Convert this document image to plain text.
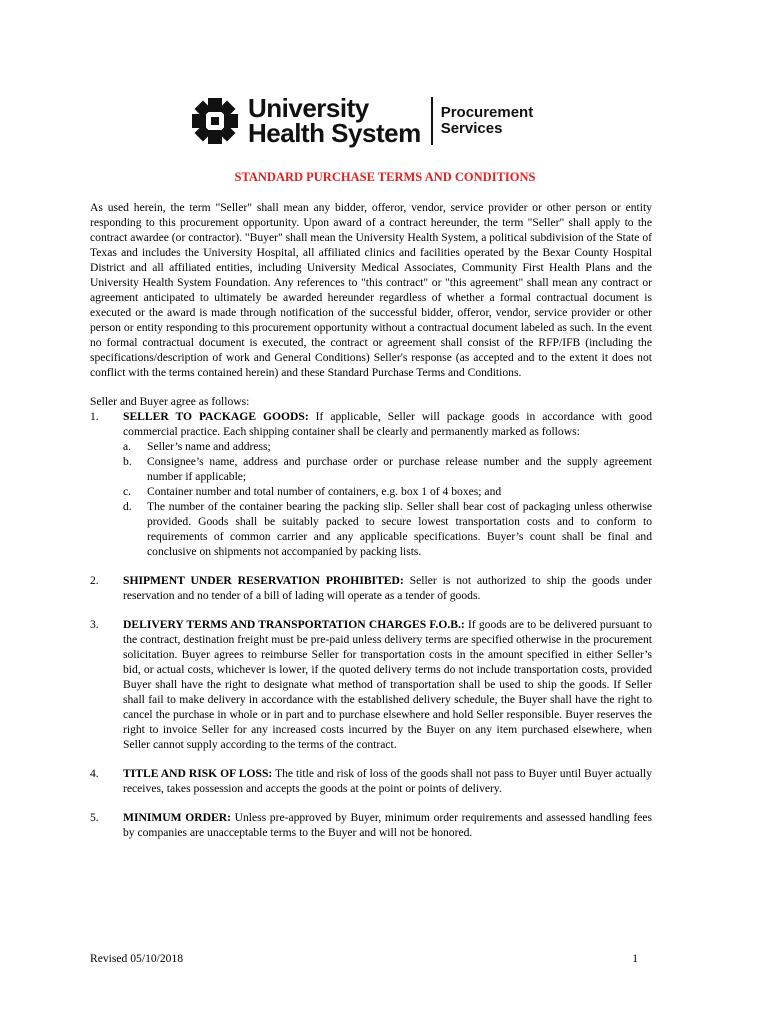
University
Health System
Procurement
Services
STANDARD PURCHASE TERMS AND CONDITIONS

As used herein, the term "Seller" shall mean any bidder, offeror, vendor, service provider or other person or entity responding to this procurement opportunity. Upon award of a contract hereunder, the term "Seller" shall apply to the contract awardee (or contractor). "Buyer" shall mean the University Health System, a political subdivision of the State of Texas and includes the University Hospital, all affiliated clinics and facilities operated by the Bexar County Hospital District and all affiliated entities, including University Medical Associates, Community First Health Plans and the University Health System Foundation. Any references to "this contract" or "this agreement" shall mean any contract or agreement anticipated to ultimately be awarded hereunder regardless of whether a formal contractual document is executed or the award is made through notification of the successful bidder, offeror, vendor, service provider or other person or entity responding to this procurement opportunity without a contractual document labeled as such. In the event no formal contractual document is executed, the contract or agreement shall consist of the RFP/IFB (including the specifications/description of work and General Conditions) Seller's response (as accepted and to the extent it does not conflict with the terms contained herein) and these Standard Purchase Terms and Conditions.

Seller and Buyer agree as follows:

1. SELLER TO PACKAGE GOODS: If applicable, Seller will package goods in accordance with good commercial practice. Each shipping container shall be clearly and permanently marked as follows:
a. Seller’s name and address;
b. Consignee’s name, address and purchase order or purchase release number and the supply agreement number if applicable;
c. Container number and total number of containers, e.g. box 1 of 4 boxes; and
d. The number of the container bearing the packing slip. Seller shall bear cost of packaging unless otherwise provided. Goods shall be suitably packed to secure lowest transportation costs and to conform to requirements of common carrier and any applicable specifications. Buyer’s count shall be final and conclusive on shipments not accompanied by packing lists.
2. SHIPMENT UNDER RESERVATION PROHIBITED: Seller is not authorized to ship the goods under reservation and no tender of a bill of lading will operate as a tender of goods.
3. DELIVERY TERMS AND TRANSPORTATION CHARGES F.O.B.: If goods are to be delivered pursuant to the contract, destination freight must be pre-paid unless delivery terms are specified otherwise in the procurement solicitation. Buyer agrees to reimburse Seller for transportation costs in the amount specified in either Seller’s bid, or actual costs, whichever is lower, if the quoted delivery terms do not include transportation costs, provided Buyer shall have the right to designate what method of transportation shall be used to ship the goods. If Seller shall fail to make delivery in accordance with the established delivery schedule, the Buyer shall have the right to cancel the purchase in whole or in part and to purchase elsewhere and hold Seller responsible. Buyer reserves the right to invoice Seller for any increased costs incurred by the Buyer on any item purchased elsewhere, when Seller cannot supply according to the terms of the contract.
4. TITLE AND RISK OF LOSS: The title and risk of loss of the goods shall not pass to Buyer until Buyer actually receives, takes possession and accepts the goods at the point or points of delivery.
5. MINIMUM ORDER: Unless pre-approved by Buyer, minimum order requirements and assessed handling fees by companies are unacceptable terms to the Buyer and will not be honored.
Revised 05/10/2018	1
